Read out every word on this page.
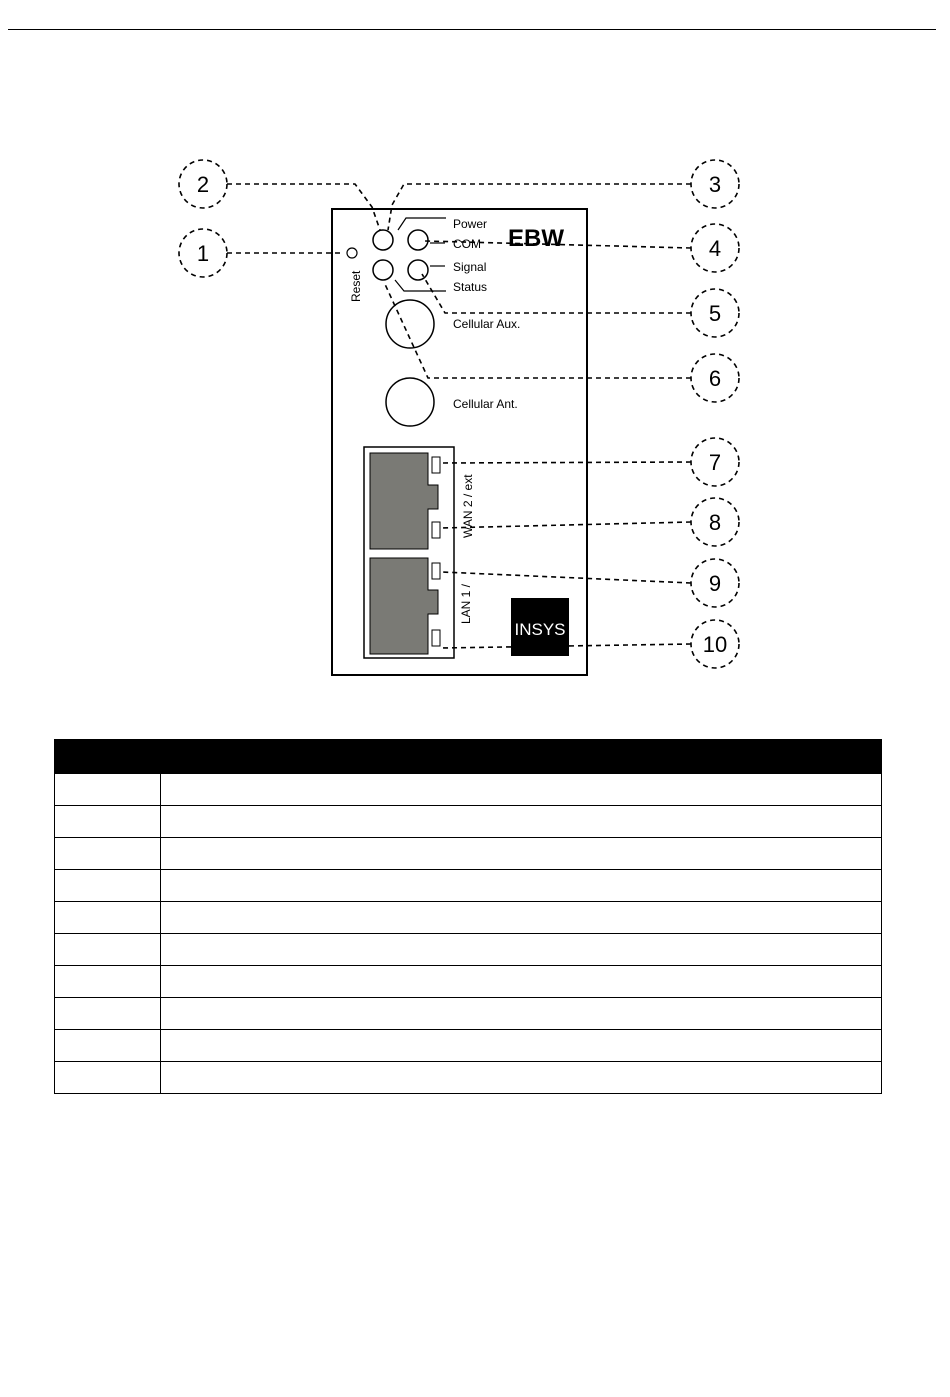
EBW
Reset
Power
COM
Signal
Status
Cellular Aux.
Cellular Ant.
WAN 2 / ext
LAN 1 /
INSYS
1
2	3
4
5
6
7
8
9
10
